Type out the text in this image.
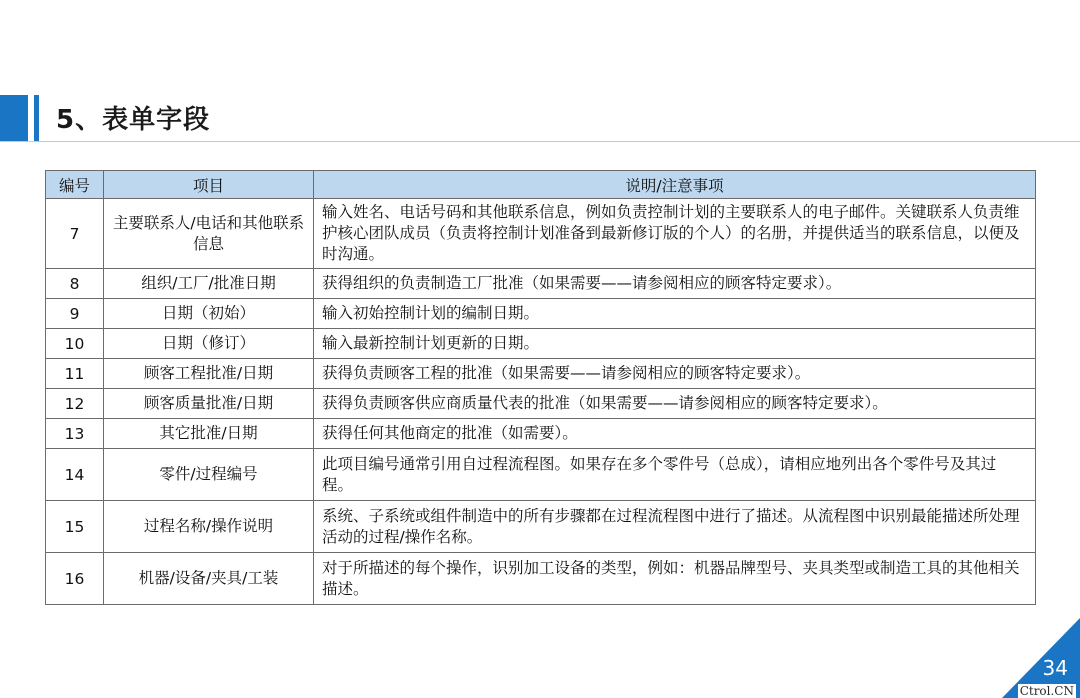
5、表单字段
编号	项目	说明/注意事项
7	主要联系人/电话和其他联系信息	输入姓名、电话号码和其他联系信息，例如负责控制计划的主要联系人的电子邮件。关键联系人负责维护核心团队成员（负责将控制计划准备到最新修订版的个人）的名册，并提供适当的联系信息，以便及时沟通。
8	组织/工厂/批准日期	获得组织的负责制造工厂批准（如果需要——请参阅相应的顾客特定要求）。
9	日期（初始）	输入初始控制计划的编制日期。
10	日期（修订）	输入最新控制计划更新的日期。
11	顾客工程批准/日期	获得负责顾客工程的批准（如果需要——请参阅相应的顾客特定要求）。
12	顾客质量批准/日期	获得负责顾客供应商质量代表的批准（如果需要——请参阅相应的顾客特定要求）。
13	其它批准/日期	获得任何其他商定的批准（如需要）。
14	零件/过程编号	此项目编号通常引用自过程流程图。如果存在多个零件号（总成），请相应地列出各个零件号及其过程。
15	过程名称/操作说明	系统、子系统或组件制造中的所有步骤都在过程流程图中进行了描述。从流程图中识别最能描述所处理活动的过程/操作名称。
16	机器/设备/夹具/工装	对于所描述的每个操作，识别加工设备的类型，例如：机器品牌型号、夹具类型或制造工具的其他相关描述。
34
Ctrol.CN
